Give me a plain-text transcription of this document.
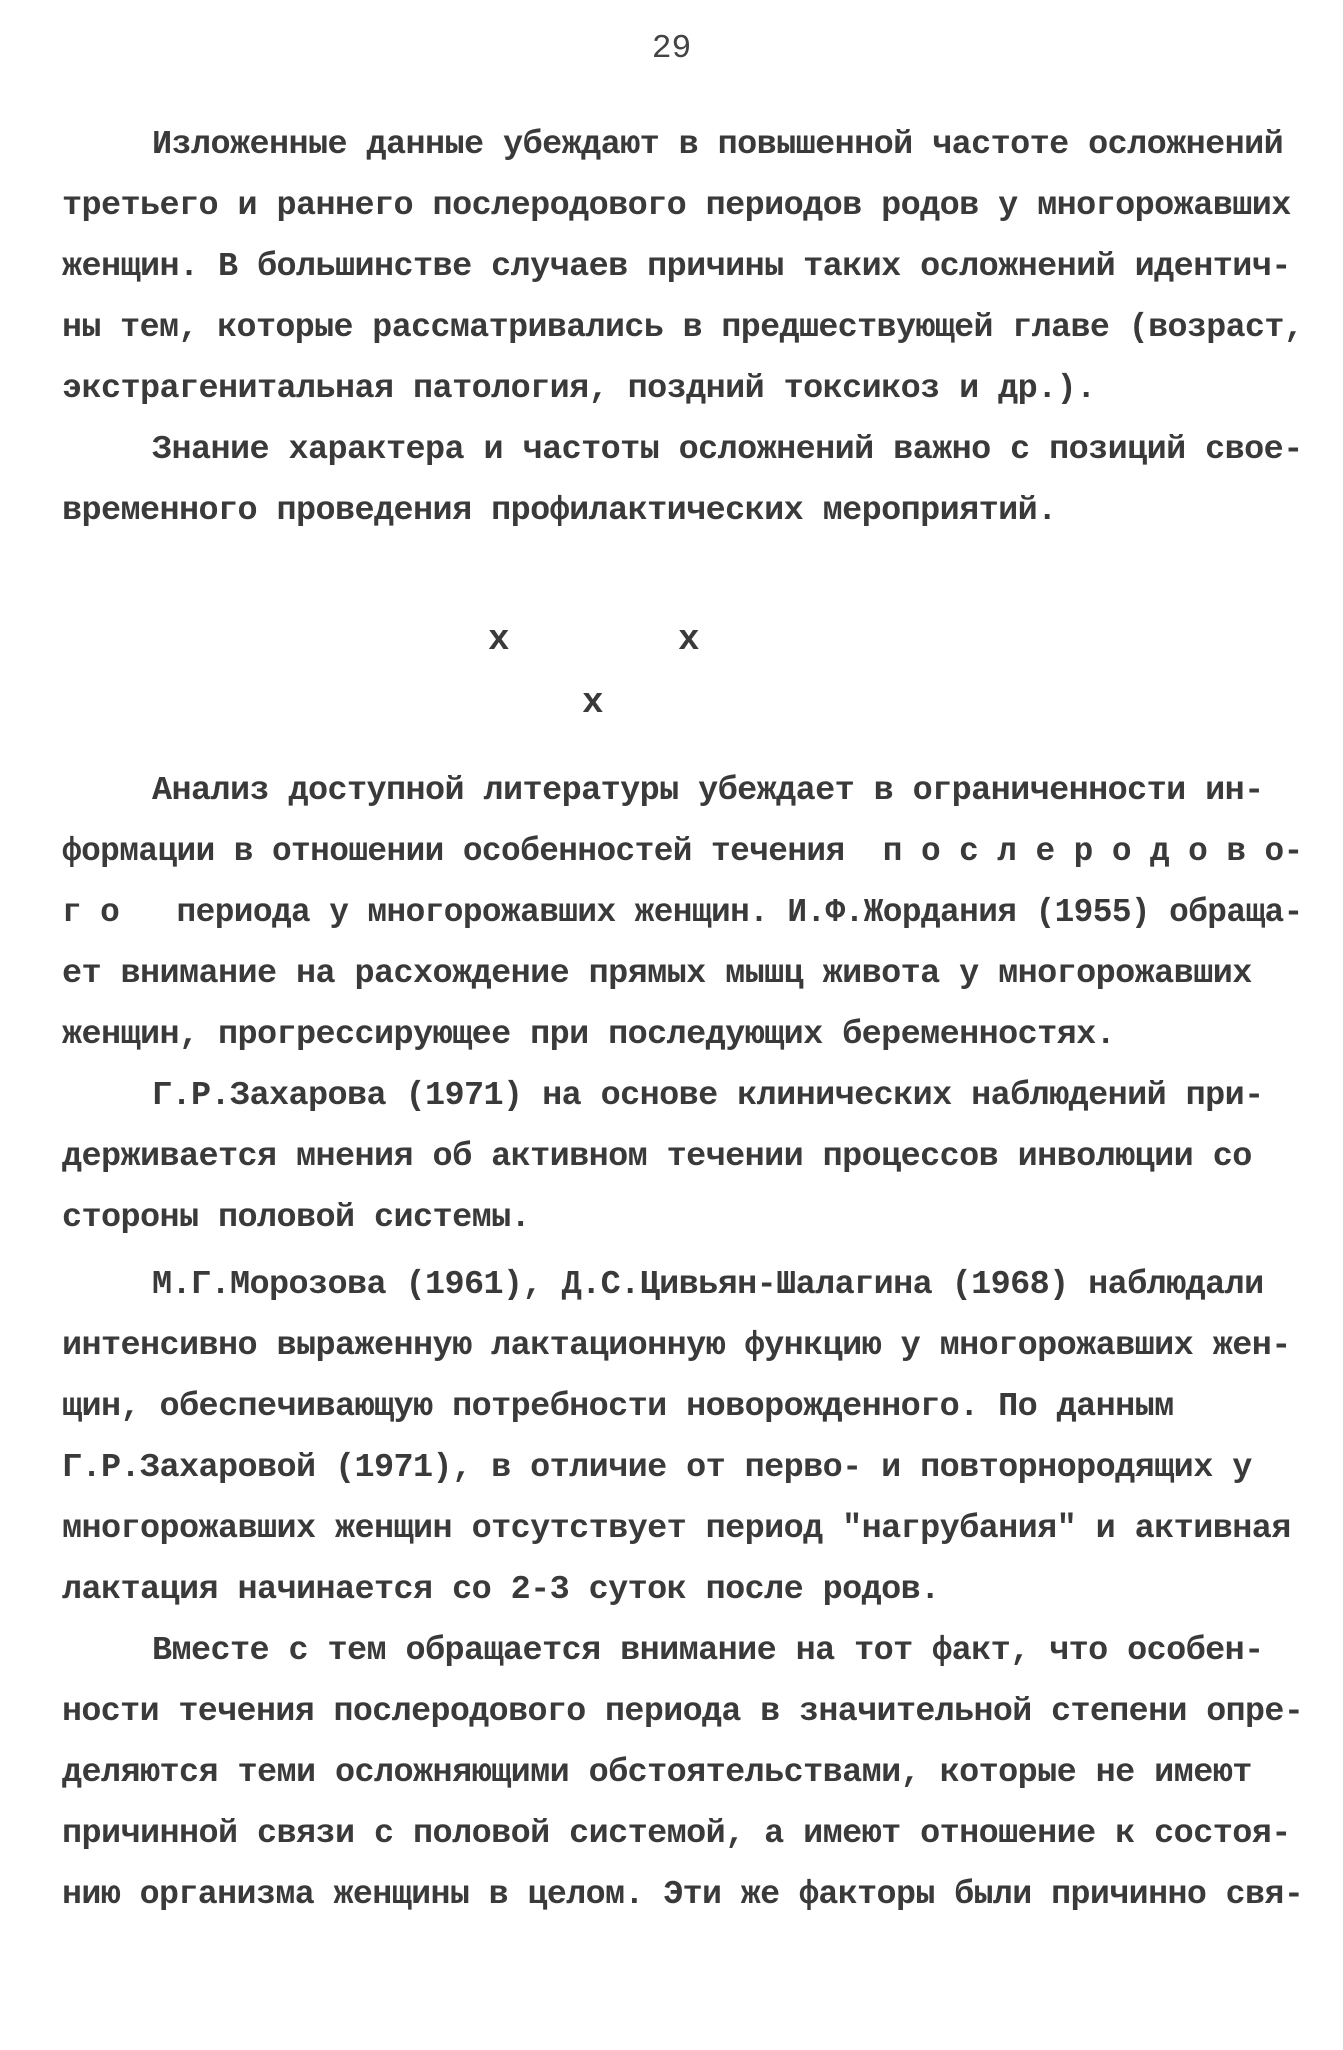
29
Изложенные данные убеждают в повышенной частоте осложнений
третьего и раннего послеродового периодов родов у многорожавших
женщин. В большинстве случаев причины таких осложнений идентич-
ны тем, которые рассматривались в предшествующей главе (возраст,
экстрагенитальная патология, поздний токсикоз и др.).
Знание характера и частоты осложнений важно с позиций свое-
временного проведения профилактических мероприятий.
x	x
x
Анализ доступной литературы убеждает в ограниченности ин-
формации в отношении особенностей течения  п о с л е р о д о в о-
г о   периода у многорожавших женщин. И.Ф.Жордания (1955) обраща-
ет внимание на расхождение прямых мышц живота у многорожавших
женщин, прогрессирующее при последующих беременностях.
Г.Р.Захарова (1971) на основе клинических наблюдений при-
держивается мнения об активном течении процессов инволюции со
стороны половой системы.
М.Г.Морозова (1961), Д.С.Цивьян-Шалагина (1968) наблюдали
интенсивно выраженную лактационную функцию у многорожавших жен-
щин, обеспечивающую потребности новорожденного. По данным
Г.Р.Захаровой (1971), в отличие от перво- и повторнородящих у
многорожавших женщин отсутствует период "нагрубания" и активная
лактация начинается со 2-3 суток после родов.
Вместе с тем обращается внимание на тот факт, что особен-
ности течения послеродового периода в значительной степени опре-
деляются теми осложняющими обстоятельствами, которые не имеют
причинной связи с половой системой, а имеют отношение к состоя-
нию организма женщины в целом. Эти же факторы были причинно свя-
